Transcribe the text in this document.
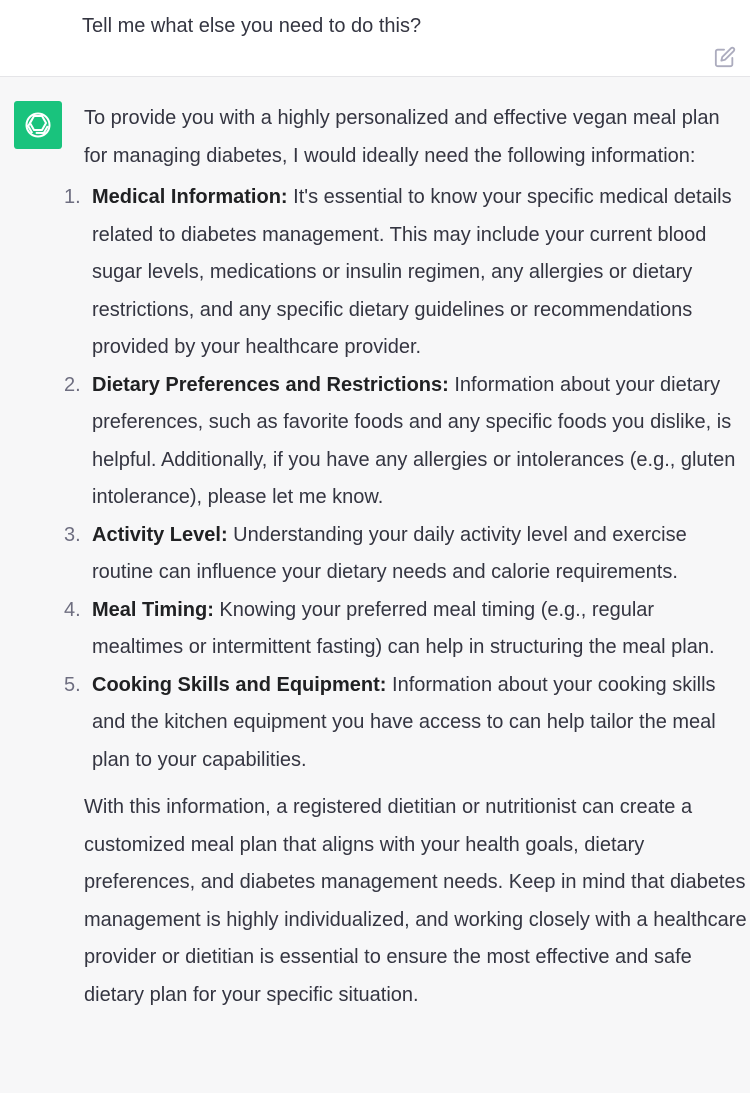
Tell me what else you need to do this?

To provide you with a highly personalized and effective vegan meal plan for managing diabetes, I would ideally need the following information:

1. Medical Information: It's essential to know your specific medical details related to diabetes management. This may include your current blood sugar levels, medications or insulin regimen, any allergies or dietary restrictions, and any specific dietary guidelines or recommendations provided by your healthcare provider.
2. Dietary Preferences and Restrictions: Information about your dietary preferences, such as favorite foods and any specific foods you dislike, is helpful. Additionally, if you have any allergies or intolerances (e.g., gluten intolerance), please let me know.
3. Activity Level: Understanding your daily activity level and exercise routine can influence your dietary needs and calorie requirements.
4. Meal Timing: Knowing your preferred meal timing (e.g., regular mealtimes or intermittent fasting) can help in structuring the meal plan.
5. Cooking Skills and Equipment: Information about your cooking skills and the kitchen equipment you have access to can help tailor the meal plan to your capabilities.

With this information, a registered dietitian or nutritionist can create a customized meal plan that aligns with your health goals, dietary preferences, and diabetes management needs. Keep in mind that diabetes management is highly individualized, and working closely with a healthcare provider or dietitian is essential to ensure the most effective and safe dietary plan for your specific situation.
